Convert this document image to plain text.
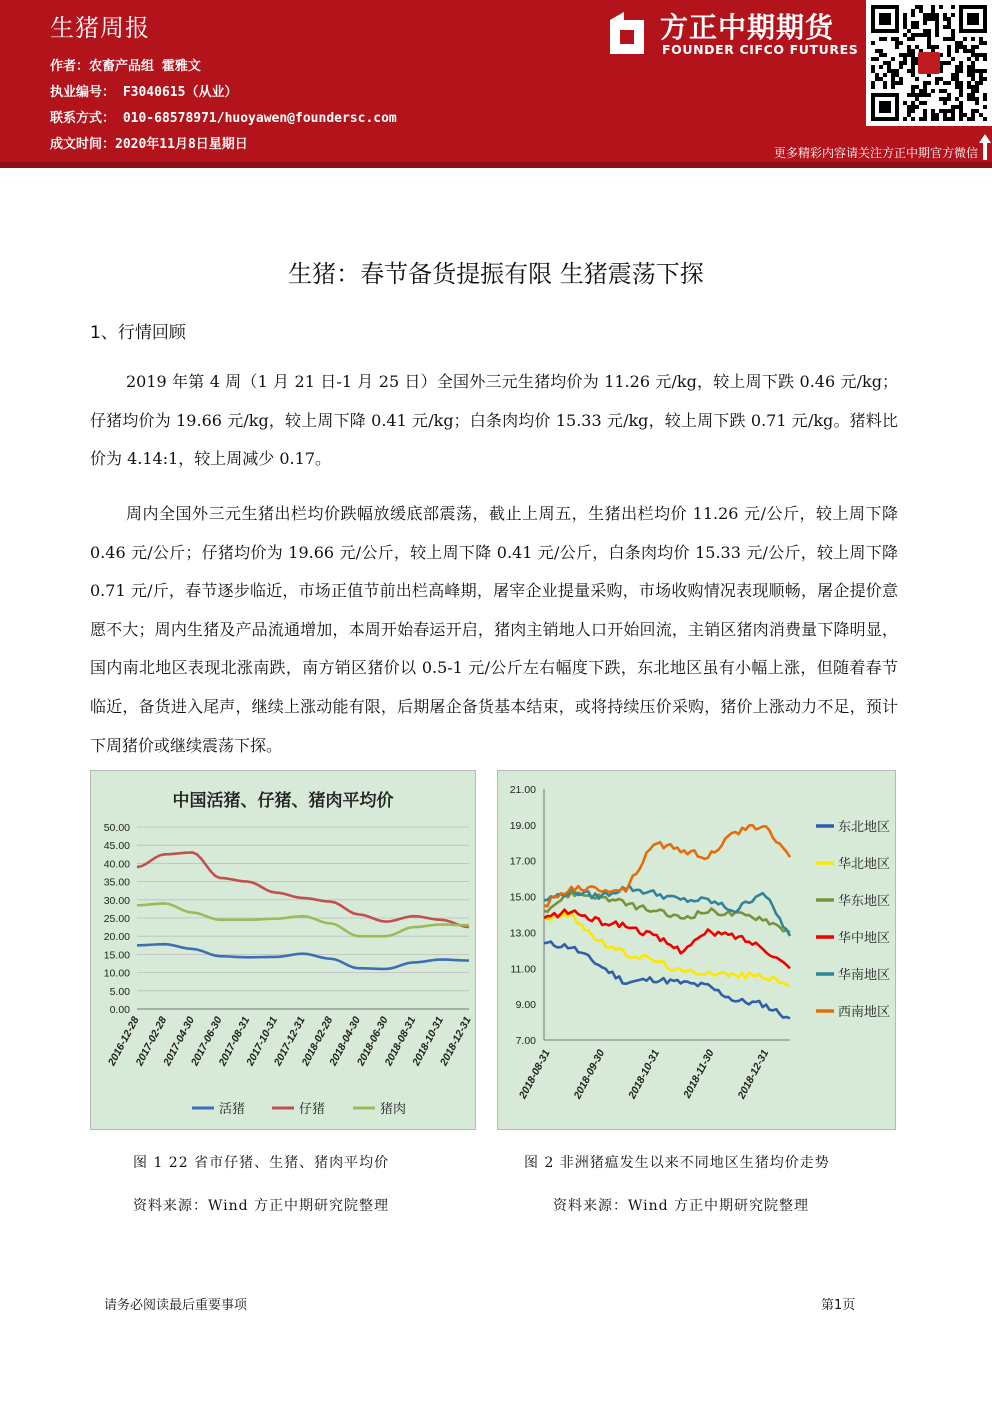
生猪周报
作者：农畜产品组 霍雅文
执业编号： F3040615（从业）
联系方式： 010-68578971/huoyawen@foundersc.com
成文时间：2020年11月8日星期日
方正中期期货
FOUNDER CIFCO FUTURES
更多精彩内容请关注方正中期官方微信
生猪：春节备货提振有限 生猪震荡下探
1、行情回顾
2019 年第 4 周（1 月 21 日-1 月 25 日）全国外三元生猪均价为 11.26 元/kg，较上周下跌 0.46 元/kg；仔猪均价为 19.66 元/kg，较上周下降 0.41 元/kg；白条肉均价 15.33 元/kg，较上周下跌 0.71 元/kg。猪料比价为 4.14:1，较上周减少 0.17。
周内全国外三元生猪出栏均价跌幅放缓底部震荡，截止上周五，生猪出栏均价 11.26 元/公斤，较上周下降 0.46 元/公斤；仔猪均价为 19.66 元/公斤，较上周下降 0.41 元/公斤，白条肉均价 15.33 元/公斤，较上周下降 0.71 元/斤，春节逐步临近，市场正值节前出栏高峰期，屠宰企业提量采购，市场收购情况表现顺畅，屠企提价意愿不大；周内生猪及产品流通增加，本周开始春运开启，猪肉主销地人口开始回流，主销区猪肉消费量下降明显，国内南北地区表现北涨南跌，南方销区猪价以 0.5-1 元/公斤左右幅度下跌，东北地区虽有小幅上涨，但随着春节临近，备货进入尾声，继续上涨动能有限，后期屠企备货基本结束，或将持续压价采购，猪价上涨动力不足，预计下周猪价或继续震荡下探。
中国活猪、仔猪、猪肉平均价
0.00
5.00
10.00
15.00
20.00
25.00
30.00
35.00
40.00
45.00
50.00
2016-12-28
2017-02-28
2017-04-30
2017-06-30
2017-08-31
2017-10-31
2017-12-31
2018-02-28
2018-04-30
2018-06-30
2018-08-31
2018-10-31
2018-12-31
活猪	仔猪	猪肉
7.00
9.00
11.00
13.00
15.00
17.00
19.00
21.00
2018-08-31 2018-09-30 2018-10-31 2018-11-30 2018-12-31
东北地区
华北地区
华东地区
华中地区
华南地区
西南地区
图 1 22 省市仔猪、生猪、猪肉平均价	图 2 非洲猪瘟发生以来不同地区生猪均价走势
资料来源：Wind 方正中期研究院整理	资料来源：Wind 方正中期研究院整理
请务必阅读最后重要事项	第1页
